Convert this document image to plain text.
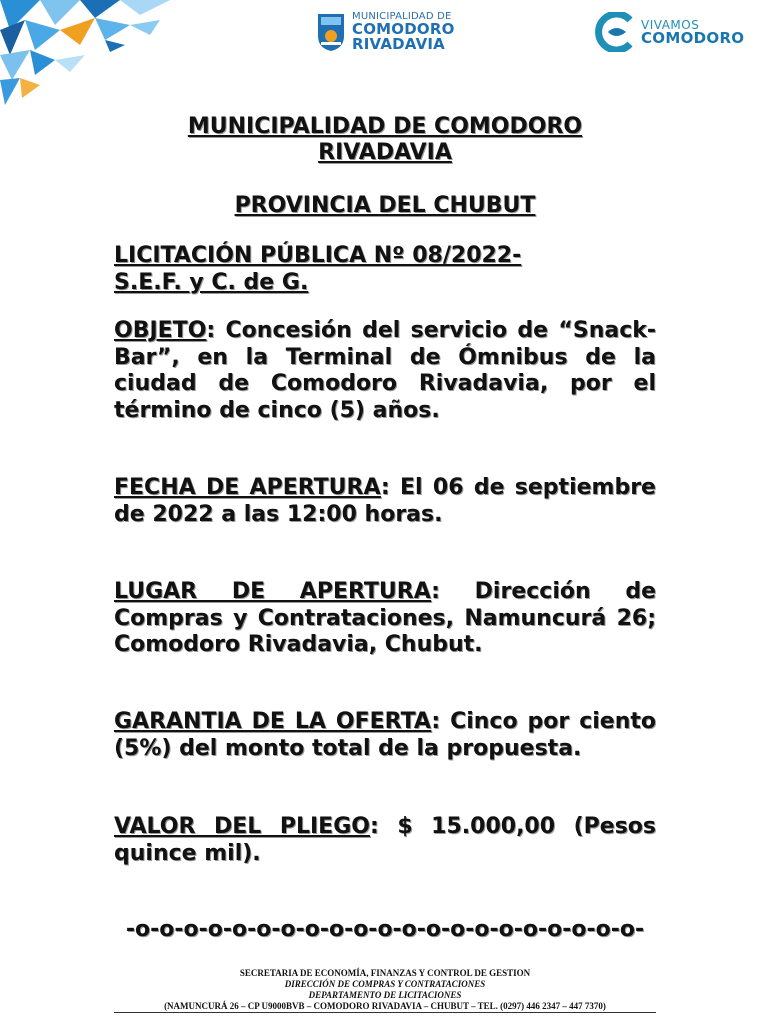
MUNICIPALIDAD DE
COMODORO
RIVADAVIA
VIVAMOS
COMODORO
MUNICIPALIDAD DE COMODORO
RIVADAVIA
PROVINCIA DEL CHUBUT
LICITACIÓN PÚBLICA Nº 08/2022-
S.E.F. y C. de G.
OBJETO: Concesión del servicio de “Snack-Bar”, en la Terminal de Ómnibus de la ciudad de Comodoro Rivadavia, por el término de cinco (5) años.
FECHA DE APERTURA: El 06 de septiembre de 2022 a las 12:00 horas.
LUGAR DE APERTURA: Dirección de Compras y Contrataciones, Namuncurá 26; Comodoro Rivadavia, Chubut.
GARANTIA DE LA OFERTA: Cinco por ciento (5%) del monto total de la propuesta.
VALOR DEL PLIEGO: $ 15.000,00 (Pesos quince mil).
-o-o-o-o-o-o-o-o-o-o-o-o-o-o-o-o-o-o-o-o-o-
SECRETARIA DE ECONOMÍA, FINANZAS Y CONTROL DE GESTION
DIRECCIÓN DE COMPRAS Y CONTRATACIONES
DEPARTAMENTO DE LICITACIONES
(NAMUNCURÁ 26 – CP U9000BVB – COMODORO RIVADAVIA – CHUBUT – TEL. (0297) 446 2347 – 447 7370)
